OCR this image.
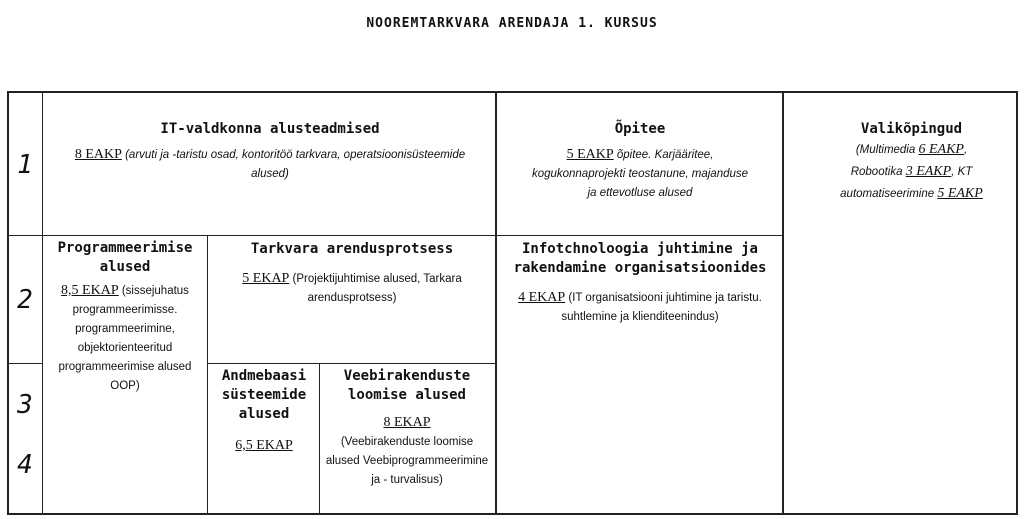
NOOREMTARKVARA ARENDAJA 1. KURSUS
1
2
3
4
IT-valdkonna alusteadmised
8 EAKP (arvuti ja -taristu osad, kontoritöö tarkvara, operatsioonisüsteemide alused)
Õpitee
5 EAKP õpitee. Karjääritee, kogukonnaprojekti teostanune, majanduse ja ettevotluse alused
Valikõpingud
(Multimedia 6 EAKP, Robootika 3 EAKP, KT automatiseerimine 5 EAKP
Programmeerimise alused
8,5 EKAP (sissejuhatus programmeerimisse. programmeerimine, objektorienteeritud programmeerimise alused OOP)
Tarkvara arendusprotsess
5 EKAP (Projektijuhtimise alused, Tarkara arendusprotsess)
Infotchnoloogia juhtimine ja rakendamine organisatsioonides
4 EKAP (IT organisatsiooni juhtimine ja taristu. suhtlemine ja klienditeenindus)
Andmebaasi süsteemide alused
6,5 EKAP
Veebirakenduste loomise alused
8 EKAP
(Veebirakenduste loomise alused Veebiprogrammeerimine ja - turvalisus)
